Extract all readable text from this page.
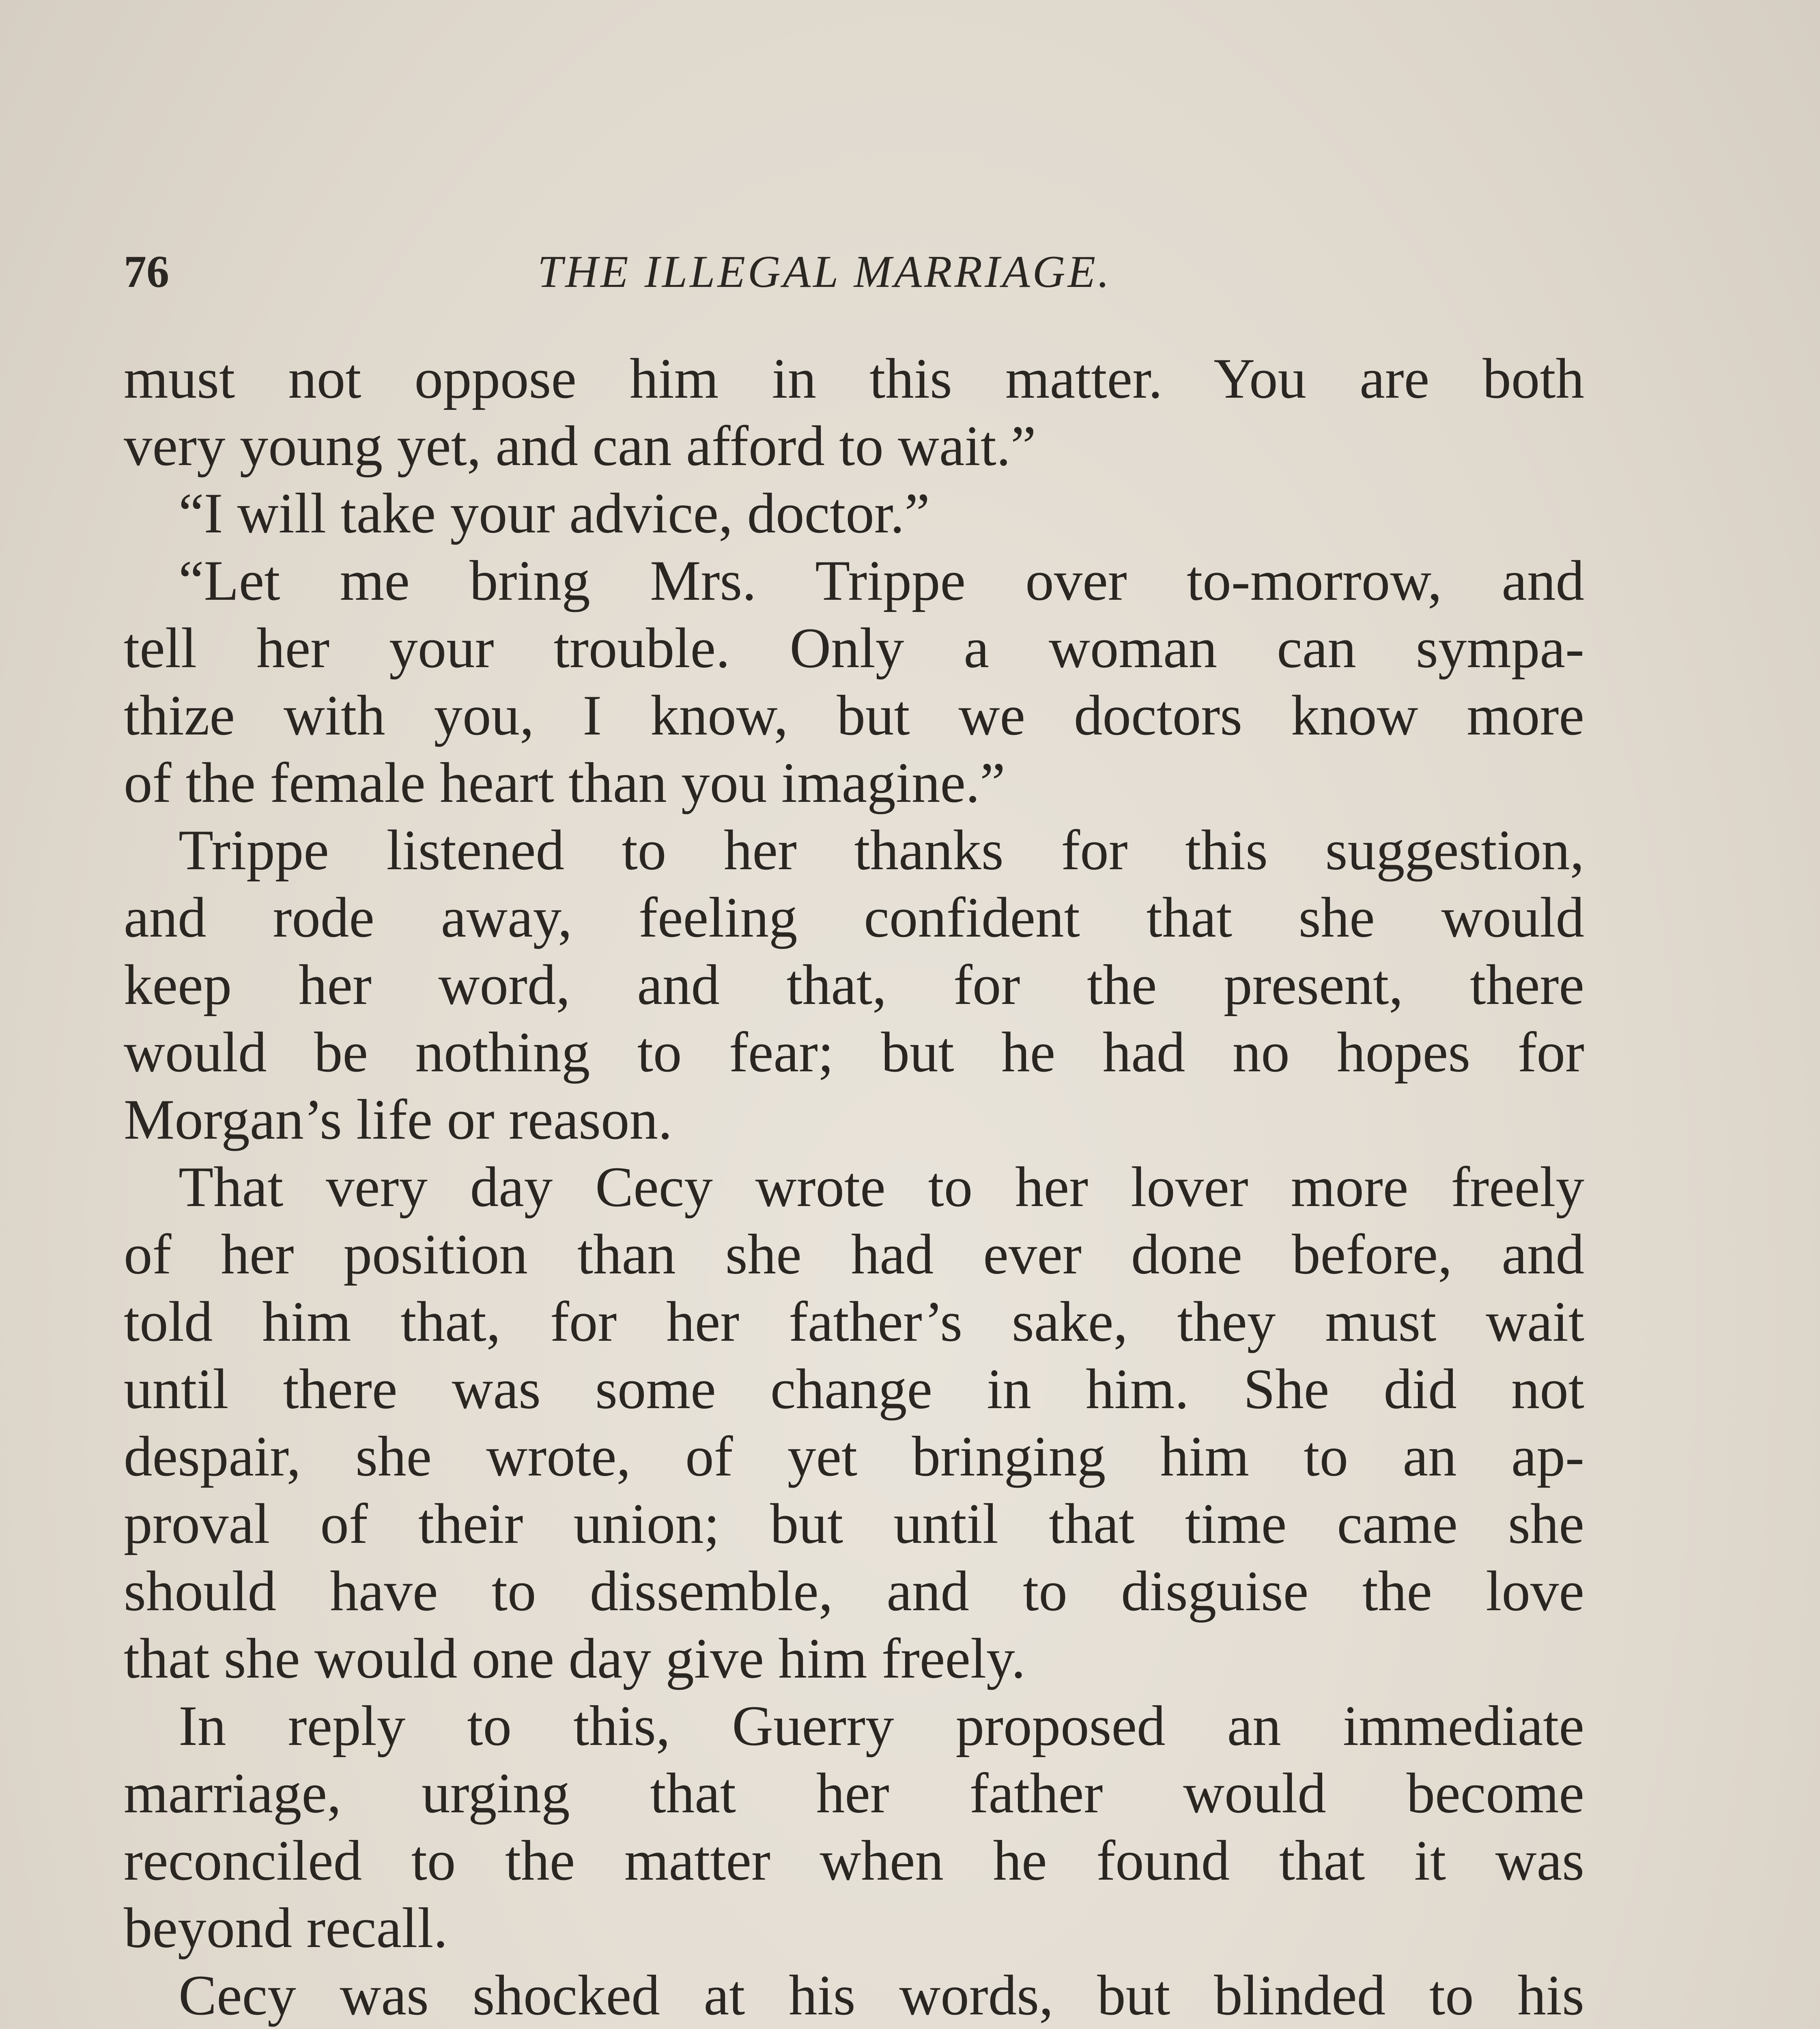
76	THE ILLEGAL MARRIAGE.
must not oppose him in this matter. You are both
very young yet, and can afford to wait.”
“I will take your advice, doctor.”
“Let me bring Mrs. Trippe over to-morrow, and
tell her your trouble. Only a woman can sympa-
thize with you, I know, but we doctors know more
of the female heart than you imagine.”
Trippe listened to her thanks for this suggestion,
and rode away, feeling confident that she would
keep her word, and that, for the present, there
would be nothing to fear; but he had no hopes for
Morgan’s life or reason.
That very day Cecy wrote to her lover more freely
of her position than she had ever done before, and
told him that, for her father’s sake, they must wait
until there was some change in him. She did not
despair, she wrote, of yet bringing him to an ap-
proval of their union; but until that time came she
should have to dissemble, and to disguise the love
that she would one day give him freely.
In reply to this, Guerry proposed an immediate
marriage, urging that her father would become
reconciled to the matter when he found that it was
beyond recall.
Cecy was shocked at his words, but blinded to his
